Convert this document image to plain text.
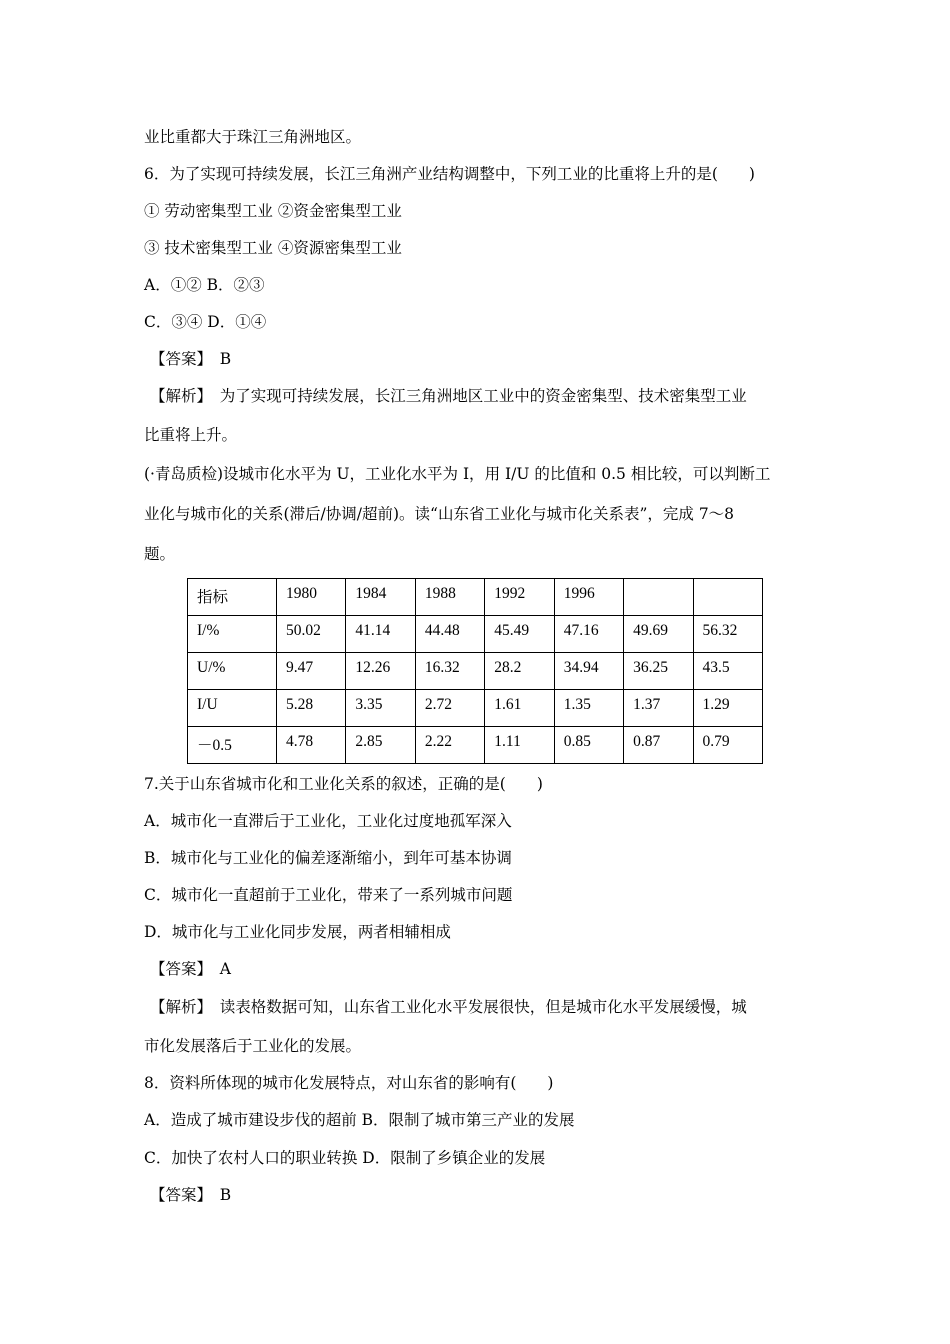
业比重都大于珠江三角洲地区。
6．为了实现可持续发展，长江三角洲产业结构调整中，下列工业的比重将上升的是(　　)
① 劳动密集型工业 ②资金密集型工业
③ 技术密集型工业 ④资源密集型工业
A．①② B．②③
C．③④ D．①④
【答案】　B
【解析】　为了实现可持续发展，长江三角洲地区工业中的资金密集型、技术密集型工业
比重将上升。
(·青岛质检)设城市化水平为 U，工业化水平为 I，用 I/U 的比值和 0.5 相比较，可以判断工
业化与城市化的关系(滞后/协调/超前)。读“山东省工业化与城市化关系表”，完成 7～8
题。
指标	1980	1984	1988	1992	1996		
I/%	50.02	41.14	44.48	45.49	47.16	49.69	56.32
U/%	9.47	12.26	16.32	28.2	34.94	36.25	43.5
I/U	5.28	3.35	2.72	1.61	1.35	1.37	1.29
－0.5	4.78	2.85	2.22	1.11	0.85	0.87	0.79
7.关于山东省城市化和工业化关系的叙述，正确的是(　　)
A．城市化一直滞后于工业化，工业化过度地孤军深入
B．城市化与工业化的偏差逐渐缩小，到年可基本协调
C．城市化一直超前于工业化，带来了一系列城市问题
D．城市化与工业化同步发展，两者相辅相成
【答案】　A
【解析】　读表格数据可知，山东省工业化水平发展很快，但是城市化水平发展缓慢，城
市化发展落后于工业化的发展。
8．资料所体现的城市化发展特点，对山东省的影响有(　　)
A．造成了城市建设步伐的超前 B．限制了城市第三产业的发展
C．加快了农村人口的职业转换 D．限制了乡镇企业的发展
【答案】　B
